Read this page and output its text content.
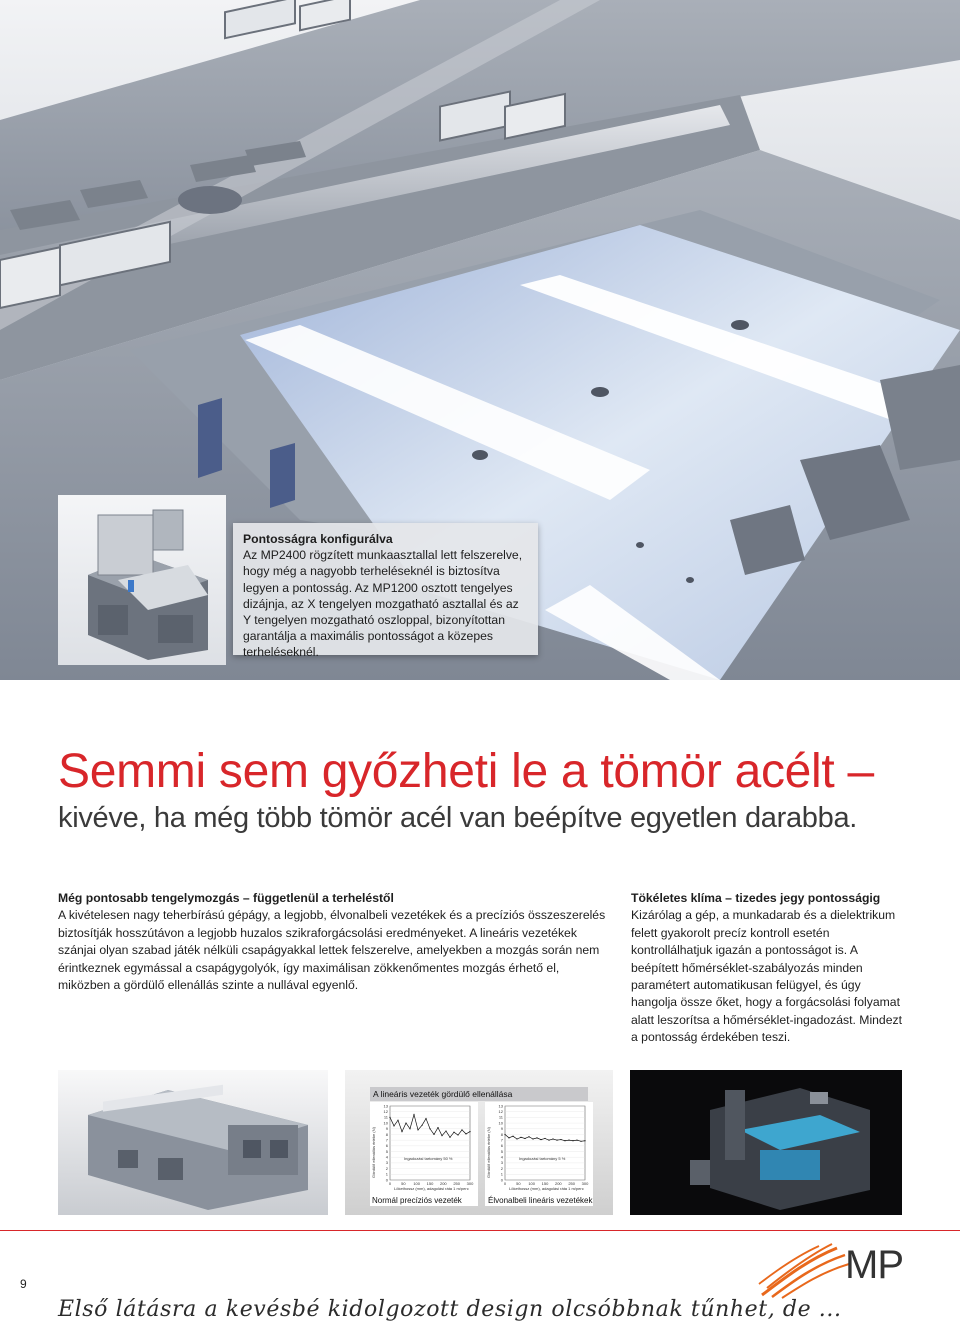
Pontosságra konfigurálva
Az MP2400 rögzített munkaasztallal lett felszerelve, hogy még a nagyobb terheléseknél is biztosítva legyen a pontosság. Az MP1200 osztott tengelyes dizájnja, az X tengelyen mozgatható asztallal és az Y tengelyen mozgatható oszloppal, bizonyítottan garantálja a maximális pontosságot a közepes terheléseknél.
Semmi sem győzheti le a tömör acélt –
kivéve, ha még több tömör acél van beépítve egyetlen darabba.
Még pontosabb tengelymozgás – függetlenül a terheléstől
A kivételesen nagy teherbírású gépágy, a legjobb, élvonalbeli vezetékek és a precíziós összeszerelés biztosítják hosszútávon a legjobb huzalos szikraforgácsolási eredményeket. A lineáris vezetékek szánjai olyan szabad játék nélküli csapágyakkal lettek felszerelve, amelyekben a mozgás során nem érintkeznek egymással a csapágygolyók, így maximálisan zökkenőmentes mozgás érhető el, miközben a gördülő ellenállás szinte a nullával egyenlő.
Tökéletes klíma – tizedes jegy pontosságig
Kizárólag a gép, a munkadarab és a dielektrikum felett gyakorolt precíz kontroll esetén kontrollálhatjuk igazán a pontosságot is. A beépített hőmérséklet-szabályozás minden paramétert automatikusan felügyel, és úgy hangolja össze őket, hogy a forgácsolási folyamat alatt leszorítsa a hőmérséklet-ingadozást. Mindezt a pontosság érdekében teszi.
A lineáris vezeték gördülő ellenállása
Gördülő ellenállás értéke (N)	Ingadozási tartomány 50 %
Lökethossz (mm), adagolási ráta 1 m/perc
0
1
2
3
4
5
6
7
8
9
10
11
12
13
0 50 100 150 200 250 300
Normál precíziós vezeték
Gördülő ellenállás értéke (N)	Ingadozási tartomány 5 %
Lökethossz (mm), adagolási ráta 1 m/perc
0
1
2
3
4
5
6
7
8
9
10
11
12
13
0 50 100 150 200 250 300
Élvonalbeli lineáris vezetékek
9	MP
Első látásra a kevésbé kidolgozott design olcsóbbnak tűnhet, de ...
